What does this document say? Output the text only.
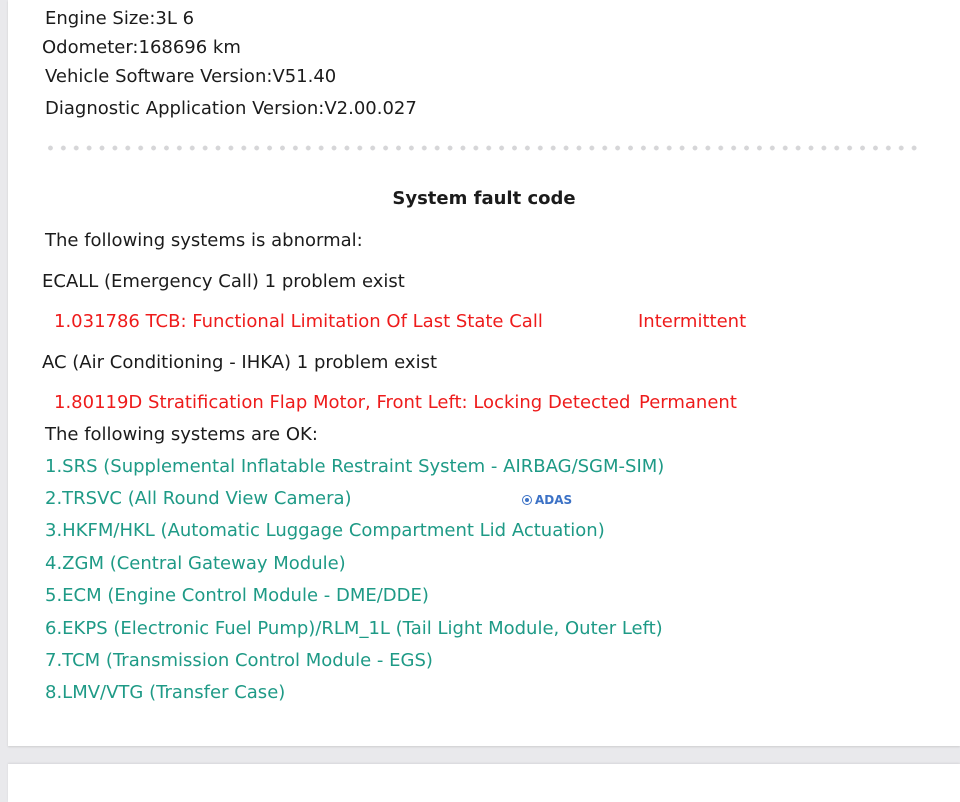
Engine Size:3L 6
Odometer:168696 km
Vehicle Software Version:V51.40
Diagnostic Application Version:V2.00.027
System fault code
The following systems is abnormal:
ECALL (Emergency Call) 1 problem exist
1.031786 TCB: Functional Limitation Of Last State Call	Intermittent
AC (Air Conditioning - IHKA) 1 problem exist
1.80119D Stratification Flap Motor, Front Left: Locking Detected Permanent
The following systems are OK:
1.SRS (Supplemental Inflatable Restraint System - AIRBAG/SGM-SIM)
2.TRSVC (All Round View Camera)
3.HKFM/HKL (Automatic Luggage Compartment Lid Actuation)
4.ZGM (Central Gateway Module)
5.ECM (Engine Control Module - DME/DDE)
6.EKPS (Electronic Fuel Pump)/RLM_1L (Tail Light Module, Outer Left)
7.TCM (Transmission Control Module - EGS)
8.LMV/VTG (Transfer Case)
ADAS
